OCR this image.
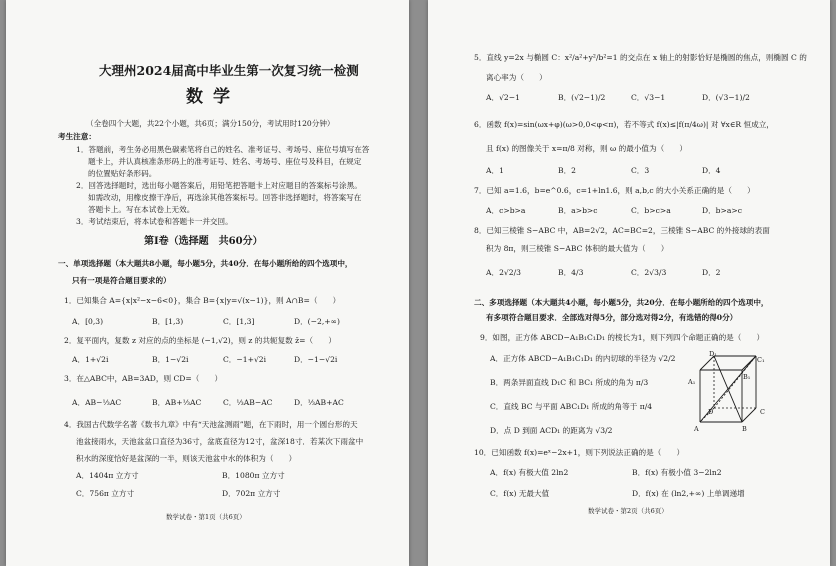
大理州2024届高中毕业生第一次复习统一检测
数学
（全卷四个大题，共22个小题，共6页；满分150分，考试用时120分钟）
考生注意：
1．答题前，考生务必用黑色碳素笔将自己的姓名、准考证号、考场号、座位号填写在答
题卡上，并认真核准条形码上的准考证号、姓名、考场号、座位号及科目，在规定
的位置贴好条形码。
2．回答选择题时，选出每小题答案后，用铅笔把答题卡上对应题目的答案标号涂黑。
如需改动，用橡皮擦干净后，再选涂其他答案标号。回答非选择题时，将答案写在
答题卡上。写在本试卷上无效。
3．考试结束后，将本试卷和答题卡一并交回。
第Ⅰ卷（选择题　共60分）
一、单项选择题（本大题共8小题，每小题5分，共40分．在每小题所给的四个选项中，
只有一项是符合题目要求的）
1．已知集合 A={x|x²−x−6<0}，集合 B={x|y=√(x−1)}，则 A∩B=（　　）
A．[0,3)	B．[1,3)	C．[1,3]	D．(−2,+∞)
2．复平面内，复数 z 对应的点的坐标是 (−1,√2)，则 z 的共轭复数 z̄=（　　）
A．1+√2i	B．1−√2i	C．−1+√2i	D．−1−√2i
3．在△ABC中，AB=3AD，则 CD=（　　）
A．AB−⅓AC	B．AB+⅓AC	C．⅓AB−AC	D．⅓AB+AC
4．我国古代数学名著《数书九章》中有“天池盆测雨”题，在下雨时，用一个圆台形的天
池盆接雨水，天池盆盆口直径为36寸，盆底直径为12寸，盆深18寸．若某次下雨盆中
积水的深度恰好是盆深的一半，则该天池盆中水的体积为（　　）
A．1404π 立方寸	B．1080π 立方寸
C．756π 立方寸	D．702π 立方寸
数学试卷・第1页（共6页）
5．直线 y=2x 与椭圆 C：x²/a²+y²/b²=1 的交点在 x 轴上的射影恰好是椭圆的焦点，则椭圆 C 的
离心率为（　　）
A．√2−1	B．(√2−1)/2	C．√3−1	D．(√3−1)/2
6．函数 f(x)=sin(ωx+φ)(ω>0,0<φ<π)，若不等式 f(x)≤|f(π/4ω)| 对 ∀x∈R 恒成立，
且 f(x) 的图像关于 x=π/8 对称，则 ω 的最小值为（　　）
A．1	B．2	C．3	D．4
7．已知 a=1.6，b=e^0.6，c=1+ln1.6，则 a,b,c 的大小关系正确的是（　　）
A．c>b>a	B．a>b>c	C．b>c>a	D．b>a>c
8．已知三棱锥 S−ABC 中，AB=2√2，AC=BC=2，三棱锥 S−ABC 的外接球的表面
积为 8π，则三棱锥 S−ABC 体积的最大值为（　　）
A．2√2/3	B．4/3	C．2√3/3	D．2
二、多项选择题（本大题共4小题，每小题5分，共20分．在每小题所给的四个选项中，
有多项符合题目要求．全部选对得5分，部分选对得2分，有选错的得0分）
9．如图，正方体 ABCD−A₁B₁C₁D₁ 的棱长为1，则下列四个命题正确的是（　　）
A．正方体 ABCD−A₁B₁C₁D₁ 的内切球的半径为 √2/2
B．两条异面直线 D₁C 和 BC₁ 所成的角为 π/3
C．直线 BC 与平面 ABC₁D₁ 所成的角等于 π/4
D．点 D 到面 ACD₁ 的距离为 √3/2
D₁
C₁
A₁
B₁
D	C
A	B
10．已知函数 f(x)=eˣ−2x+1，则下列说法正确的是（　　）
A．f(x) 有极大值 2ln2	B．f(x) 有极小值 3−2ln2
C．f(x) 无最大值	D．f(x) 在 (ln2,+∞) 上单调递增
数学试卷・第2页（共6页）
